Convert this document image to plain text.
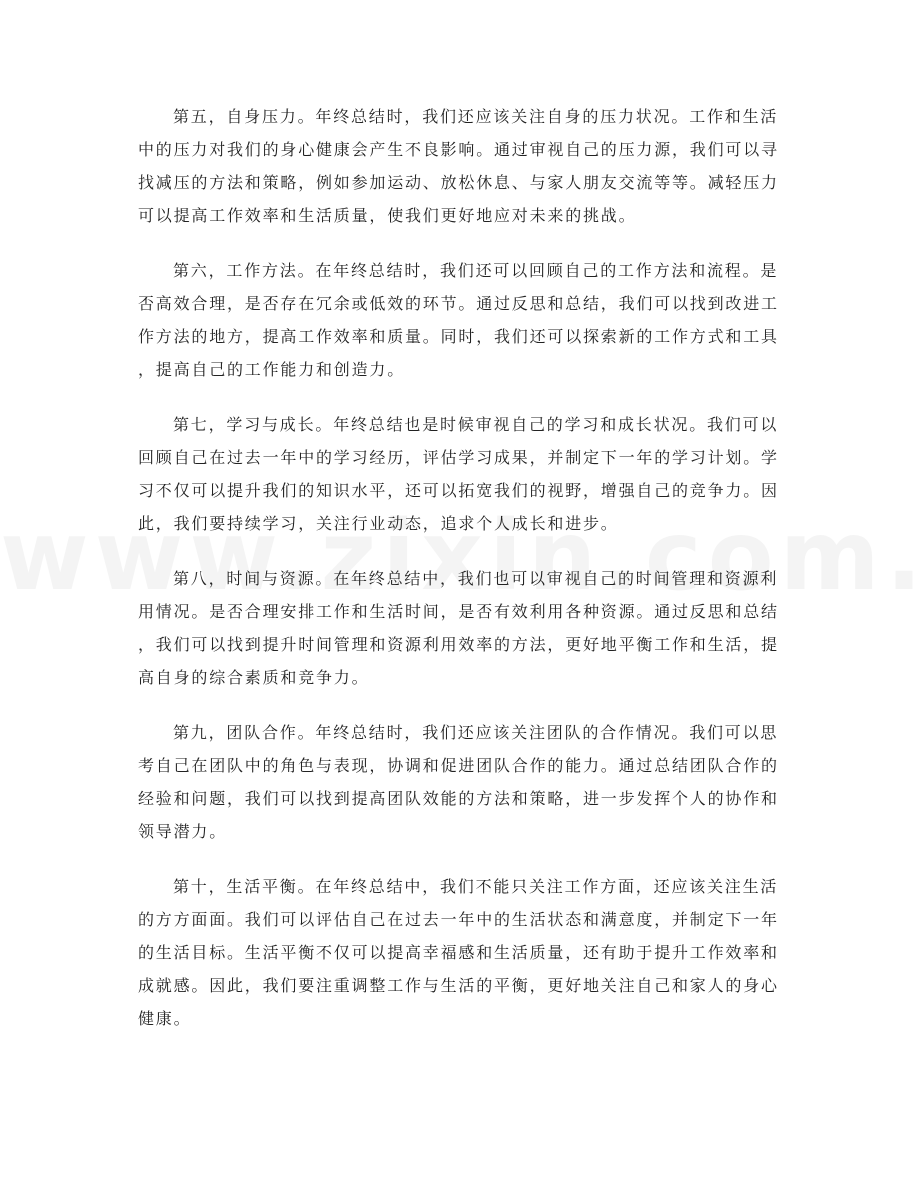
第五，自身压力。年终总结时，我们还应该关注自身的压力状况。工作和生活
中的压力对我们的身心健康会产生不良影响。通过审视自己的压力源，我们可以寻
找减压的方法和策略，例如参加运动、放松休息、与家人朋友交流等等。减轻压力
可以提高工作效率和生活质量，使我们更好地应对未来的挑战。

第六，工作方法。在年终总结时，我们还可以回顾自己的工作方法和流程。是
否高效合理，是否存在冗余或低效的环节。通过反思和总结，我们可以找到改进工
作方法的地方，提高工作效率和质量。同时，我们还可以探索新的工作方式和工具
，提高自己的工作能力和创造力。

第七，学习与成长。年终总结也是时候审视自己的学习和成长状况。我们可以
回顾自己在过去一年中的学习经历，评估学习成果，并制定下一年的学习计划。学
习不仅可以提升我们的知识水平，还可以拓宽我们的视野，增强自己的竞争力。因
此，我们要持续学习，关注行业动态，追求个人成长和进步。

第八，时间与资源。在年终总结中，我们也可以审视自己的时间管理和资源利
用情况。是否合理安排工作和生活时间，是否有效利用各种资源。通过反思和总结
，我们可以找到提升时间管理和资源利用效率的方法，更好地平衡工作和生活，提
高自身的综合素质和竞争力。

第九，团队合作。年终总结时，我们还应该关注团队的合作情况。我们可以思
考自己在团队中的角色与表现，协调和促进团队合作的能力。通过总结团队合作的
经验和问题，我们可以找到提高团队效能的方法和策略，进一步发挥个人的协作和
领导潜力。

第十，生活平衡。在年终总结中，我们不能只关注工作方面，还应该关注生活
的方方面面。我们可以评估自己在过去一年中的生活状态和满意度，并制定下一年
的生活目标。生活平衡不仅可以提高幸福感和生活质量，还有助于提升工作效率和
成就感。因此，我们要注重调整工作与生活的平衡，更好地关注自己和家人的身心
健康。
